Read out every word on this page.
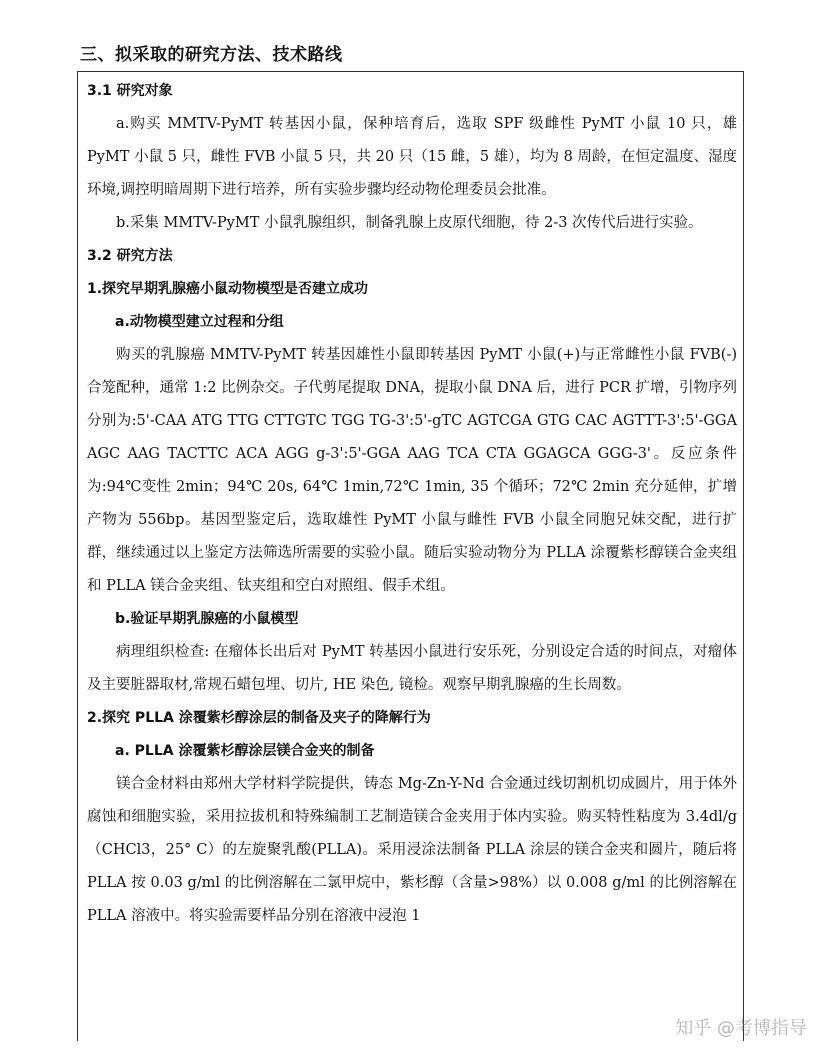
三、拟采取的研究方法、技术路线

3.1 研究对象

a.购买 MMTV-PyMT 转基因小鼠，保种培育后，选取 SPF 级雌性 PyMT 小鼠 10 只，雄 PyMT 小鼠 5 只，雌性 FVB 小鼠 5 只，共 20 只（15 雌，5 雄），均为 8 周龄，在恒定温度、湿度环境,调控明暗周期下进行培养，所有实验步骤均经动物伦理委员会批准。

b.采集 MMTV-PyMT 小鼠乳腺组织，制备乳腺上皮原代细胞，待 2-3 次传代后进行实验。

3.2 研究方法

1.探究早期乳腺癌小鼠动物模型是否建立成功

a.动物模型建立过程和分组

购买的乳腺癌 MMTV-PyMT 转基因雄性小鼠即转基因 PyMT 小鼠(+)与正常雌性小鼠 FVB(-)合笼配种，通常 1:2 比例杂交。子代剪尾提取 DNA，提取小鼠 DNA 后，进行 PCR 扩增，引物序列分别为:5'-CAA ATG TTG CTTGTC TGG TG-3':5'-gTC AGTCGA GTG CAC AGTTT-3':5'-GGA AGC AAG TACTTC ACA AGG g-3':5'-GGA AAG TCA CTA GGAGCA GGG-3'。反应条件为:94℃变性 2min；94℃ 20s, 64℃ 1min,72℃ 1min, 35 个循环；72℃ 2min 充分延伸，扩增产物为 556bp。基因型鉴定后，选取雄性 PyMT 小鼠与雌性 FVB 小鼠全同胞兄妹交配，进行扩群，继续通过以上鉴定方法筛选所需要的实验小鼠。随后实验动物分为 PLLA 涂覆紫杉醇镁合金夹组和 PLLA 镁合金夹组、钛夹组和空白对照组、假手术组。

b.验证早期乳腺癌的小鼠模型

病理组织检查: 在瘤体长出后对 PyMT 转基因小鼠进行安乐死，分别设定合适的时间点，对瘤体及主要脏器取材,常规石蜡包埋、切片, HE 染色, 镜检。观察早期乳腺癌的生长周数。

2.探究 PLLA 涂覆紫杉醇涂层的制备及夹子的降解行为

a. PLLA 涂覆紫杉醇涂层镁合金夹的制备

镁合金材料由郑州大学材料学院提供，铸态 Mg-Zn-Y-Nd 合金通过线切割机切成圆片，用于体外腐蚀和细胞实验，采用拉拔机和特殊编制工艺制造镁合金夹用于体内实验。购买特性粘度为 3.4dl/g（CHCl3，25° C）的左旋聚乳酸(PLLA)。采用浸涂法制备 PLLA 涂层的镁合金夹和圆片，随后将 PLLA 按 0.03 g/ml 的比例溶解在二氯甲烷中，紫杉醇（含量>98%）以 0.008 g/ml 的比例溶解在 PLLA 溶液中。将实验需要样品分别在溶液中浸泡 1

知乎 @考博指导
